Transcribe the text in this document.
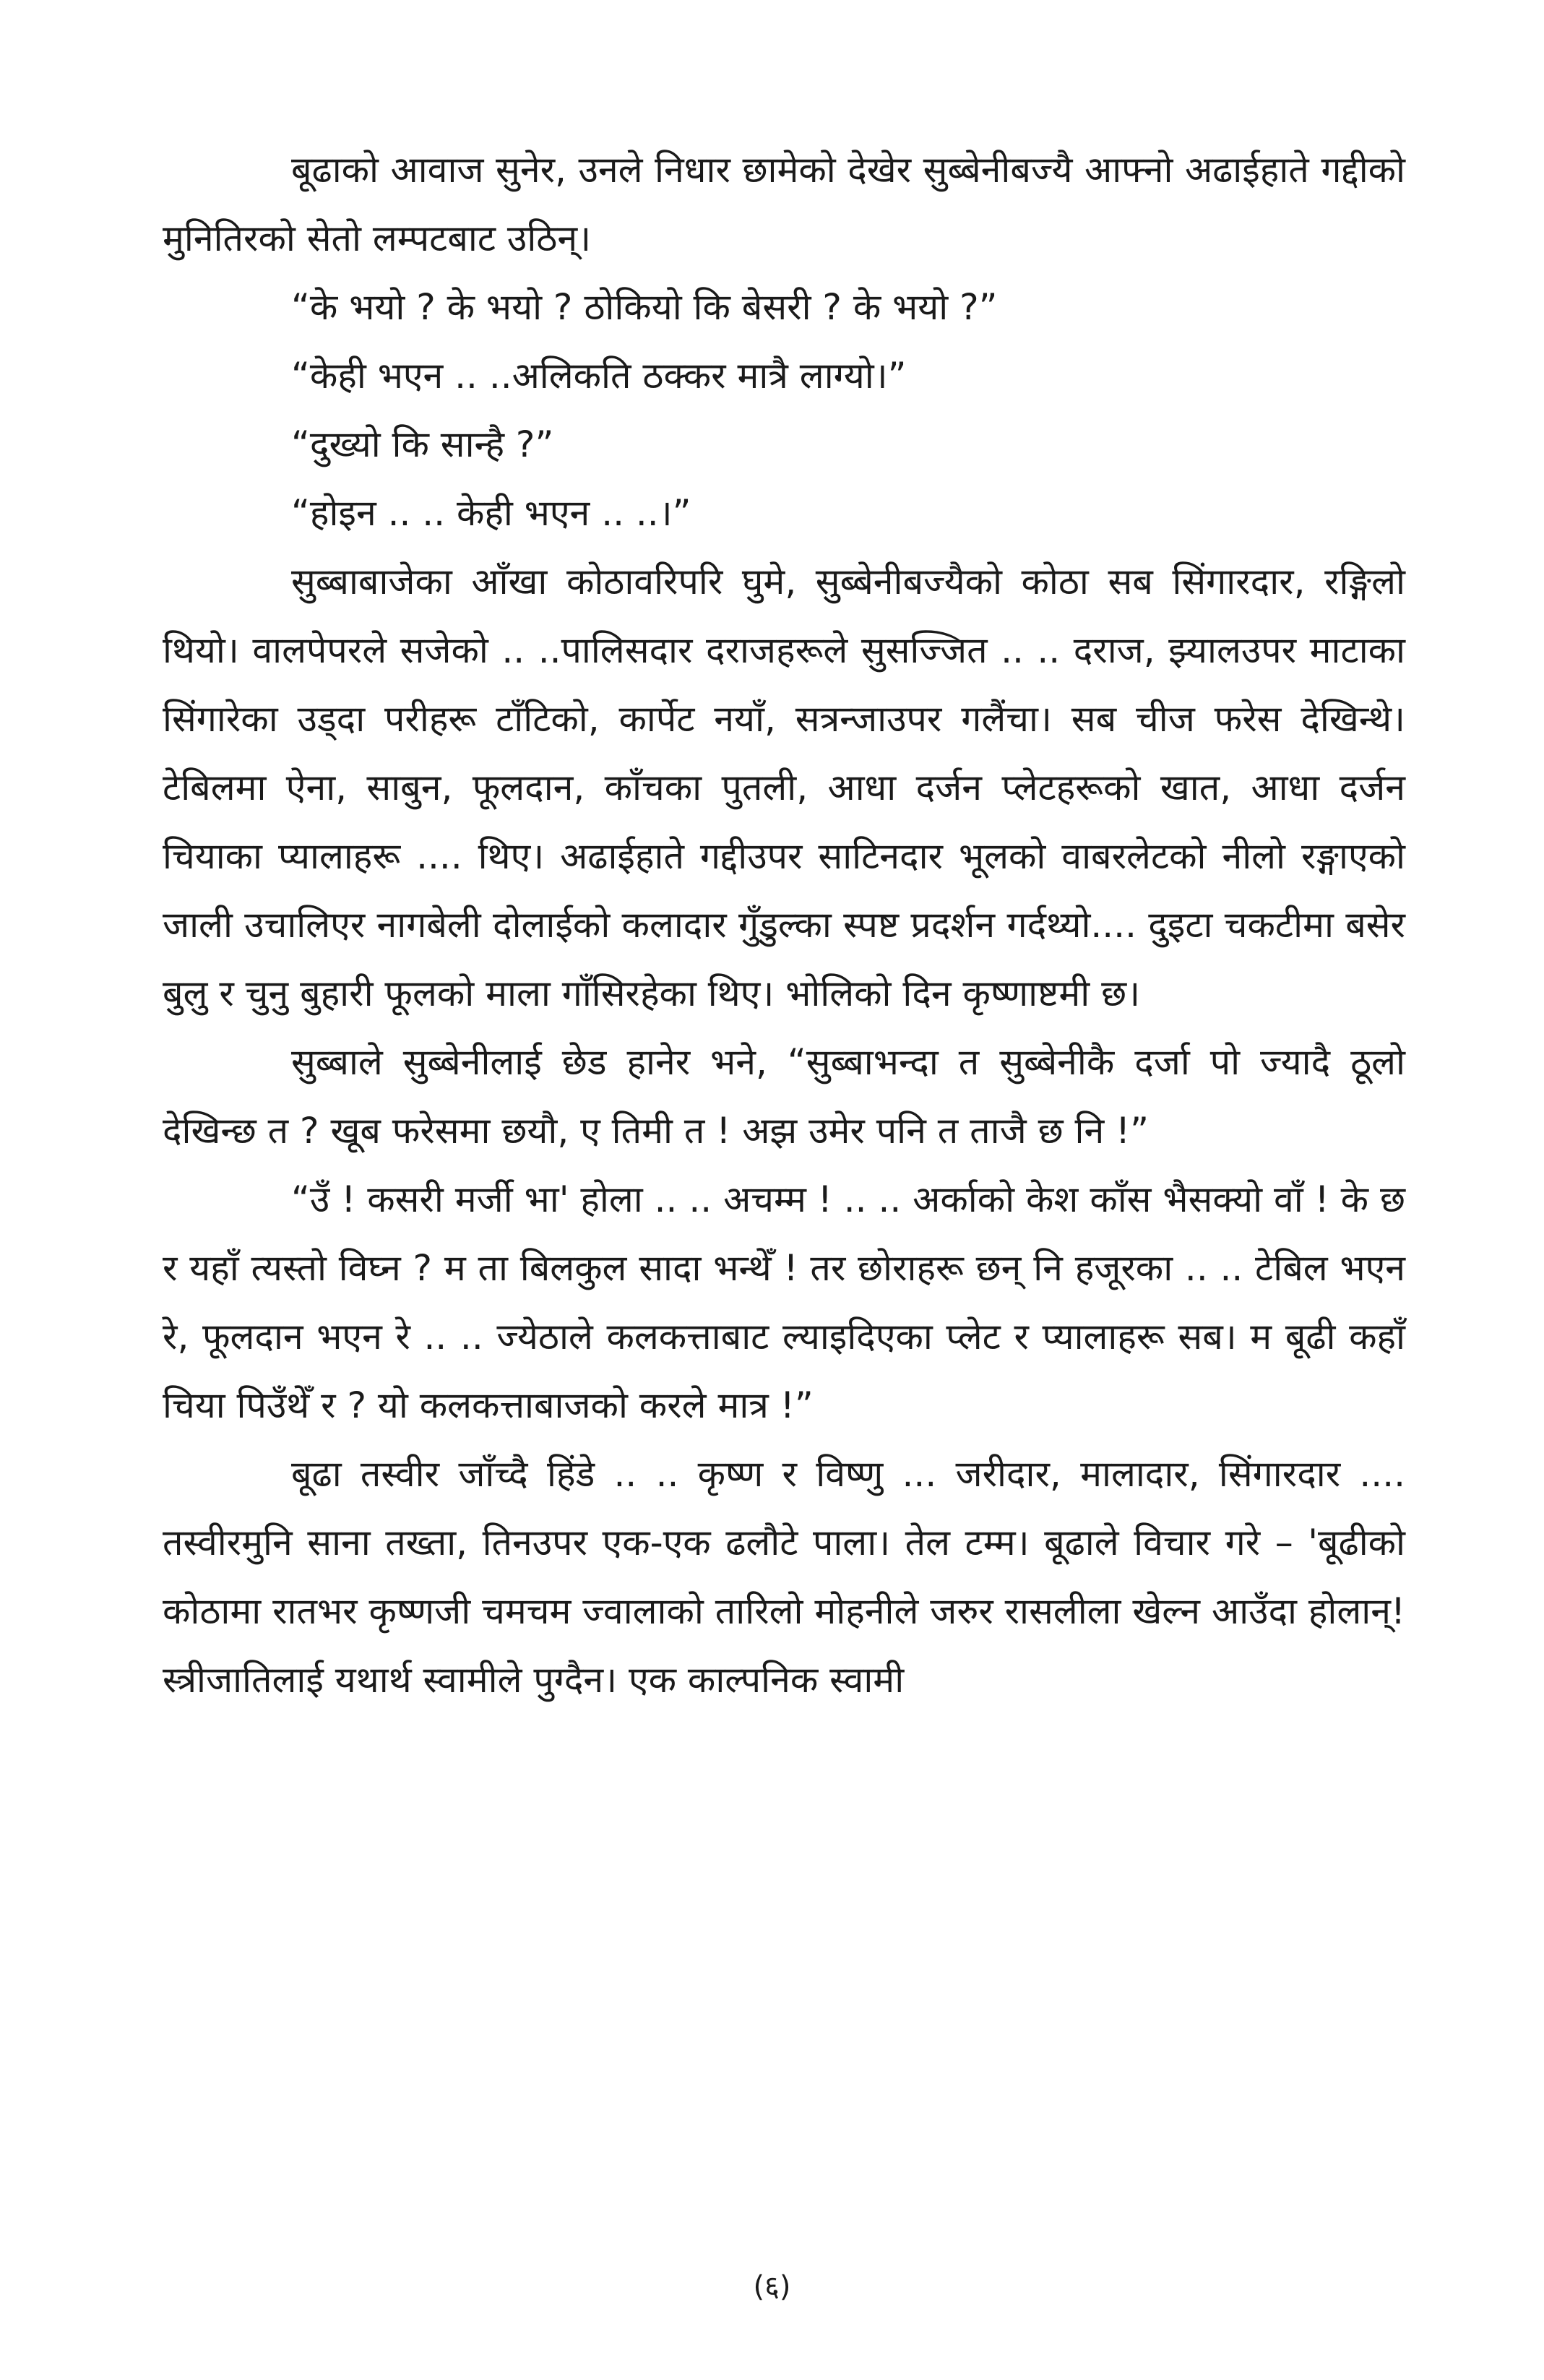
बूढाको आवाज सुनेर, उनले निधार छामेको देखेर सुब्बेनीबज्यै आफ्नो अढाईहाते गद्दीको मुनितिरको सेतो लम्पटबाट उठिन्।

“के भयो ? के भयो ? ठोकियो कि बेसरी ? के भयो ?”

“केही भएन .. ..अलिकति ठक्कर मात्रै लाग्यो।”

“दुख्यो कि सान्है ?”

“होइन .. .. केही भएन .. ..।”

सुब्बाबाजेका आँखा कोठावरिपरि घुमे, सुब्बेनीबज्यैको कोठा सब सिंगारदार, रङ्गिलो थियो। वालपेपरले सजेको .. ..पालिसदार दराजहरूले सुसज्जित .. .. दराज, झ्यालउपर माटाका सिंगारेका उड्दा परीहरू टाँटिको, कार्पेट नयाँ, सत्रन्जाउपर गलैंचा। सब चीज फरेस देखिन्थे। टेबिलमा ऐना, साबुन, फूलदान, काँचका पुतली, आधा दर्जन प्लेटहरूको खात, आधा दर्जन चियाका प्यालाहरू .... थिए। अढाईहाते गद्दीउपर साटिनदार भूलको वाबरलेटको नीलो रङ्गाएको जाली उचालिएर नागबेली दोलाईको कलादार गुँडुल्का स्पष्ट प्रदर्शन गर्दथ्यो.... दुइटा चकटीमा बसेर बुलु र चुनु बुहारी फूलको माला गाँसिरहेका थिए। भोलिको दिन कृष्णाष्टमी छ।

सुब्बाले सुब्बेनीलाई छेड हानेर भने, “सुब्बाभन्दा त सुब्बेनीकै दर्जा पो ज्यादै ठूलो देखिन्छ त ? खूब फरेसमा छयौ, ए तिमी त ! अझ उमेर पनि त ताजै छ नि !”

“उँ ! कसरी मर्जी भा' होला .. .. अचम्म ! .. .. अर्काको केश काँस भैसक्यो वाँ ! के छ र यहाँ त्यस्तो विघ्न ? म ता बिलकुल सादा भन्थेँ ! तर छोराहरू छन् नि हजूरका .. .. टेबिल भएन रे, फूलदान भएन रे .. .. ज्येठाले कलकत्ताबाट ल्याइदिएका प्लेट र प्यालाहरू सब। म बूढी कहाँ चिया पिउँथेँ र ? यो कलकत्ताबाजको करले मात्र !”

बूढा तस्वीर जाँच्दै हिंडे .. .. कृष्ण र विष्णु ... जरीदार, मालादार, सिंगारदार .... तस्वीरमुनि साना तख्ता, तिनउपर एक-एक ढलौटे पाला। तेल टम्म। बूढाले विचार गरे – 'बूढीको कोठामा रातभर कृष्णजी चमचम ज्वालाको तारिलो मोहनीले जरुर रासलीला खेल्न आउँदा होलान्! स्त्रीजातिलाई यथार्थ स्वामीले पुग्दैन। एक काल्पनिक स्वामी

(६)
